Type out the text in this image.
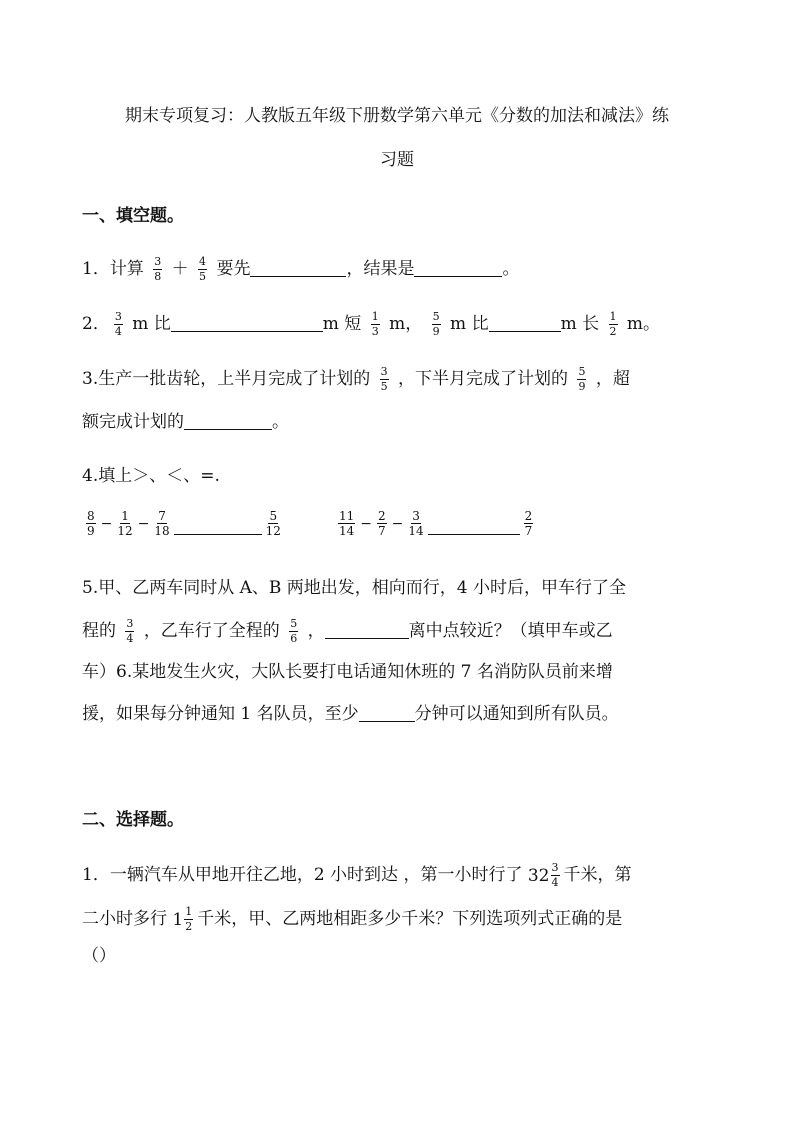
期末专项复习：人教版五年级下册数学第六单元《分数的加法和减法》练
习题
一、填空题。
1．计算 $\frac{3}{8} + \frac{4}{5}$ 要先	，结果是	。
2． $\frac{3}{4}$ m 比	m 短 $\frac{1}{3}$ m， $\frac{5}{9}$ m 比	m 长 $\frac{1}{2}$ m。
3.生产一批齿轮，上半月完成了计划的 $\frac{3}{5}$ ，下半月完成了计划的 $\frac{5}{9}$ ，超
额完成计划的	。
4.填上＞、＜、=.
8
$9 - \frac{1}{12} - \frac{7}{18}$	5
12
11
$14 - \frac{2}{7} - \frac{3}{14}$	2
7
5.甲、乙两车同时从 A、B 两地出发，相向而行，4 小时后，甲车行了全
程的 $\frac{3}{4}$ ，乙车行了全程的 $\frac{5}{6}$ ，	离中点较近？（填甲车或乙
车）6.某地发生火灾，大队长要打电话通知休班的 7 名消防队员前来增
援，如果每分钟通知 1 名队员，至少	分钟可以通知到所有队员。
二、选择题。
1．一辆汽车从甲地开往乙地，2 小时到达 ，第一小时行了 32 3
4 千米，第
二小时多行 1 1
2 千米，甲、乙两地相距多少千米？下列选项列式正确的是
（）
